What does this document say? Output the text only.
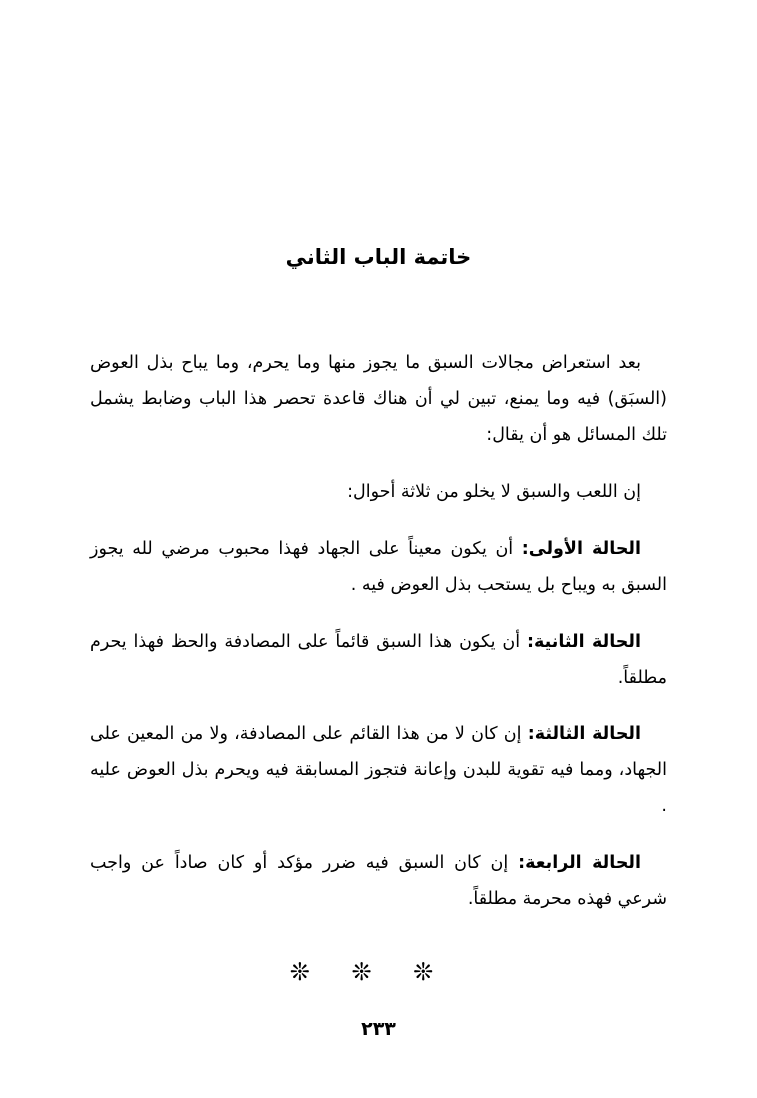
خاتمة الباب الثاني

بعد استعراض مجالات السبق ما يجوز منها وما يحرم، وما يباح بذل العوض (السبَق) فيه وما يمنع، تبين لي أن هناك قاعدة تحصر هذا الباب وضابط يشمل تلك المسائل هو أن يقال:

إن اللعب والسبق لا يخلو من ثلاثة أحوال:

الحالة الأولى: أن يكون معيناً على الجهاد فهذا محبوب مرضي لله يجوز السبق به ويباح بل يستحب بذل العوض فيه .

الحالة الثانية: أن يكون هذا السبق قائماً على المصادفة والحظ فهذا يحرم مطلقاً.

الحالة الثالثة: إن كان لا من هذا القائم على المصادفة، ولا من المعين على الجهاد، ومما فيه تقوية للبدن وإعانة فتجوز المسابقة فيه ويحرم بذل العوض عليه .

الحالة الرابعة: إن كان السبق فيه ضرر مؤكد أو كان صاداً عن واجب شرعي فهذه محرمة مطلقاً.

❊ ❊ ❊
٢٣٣
